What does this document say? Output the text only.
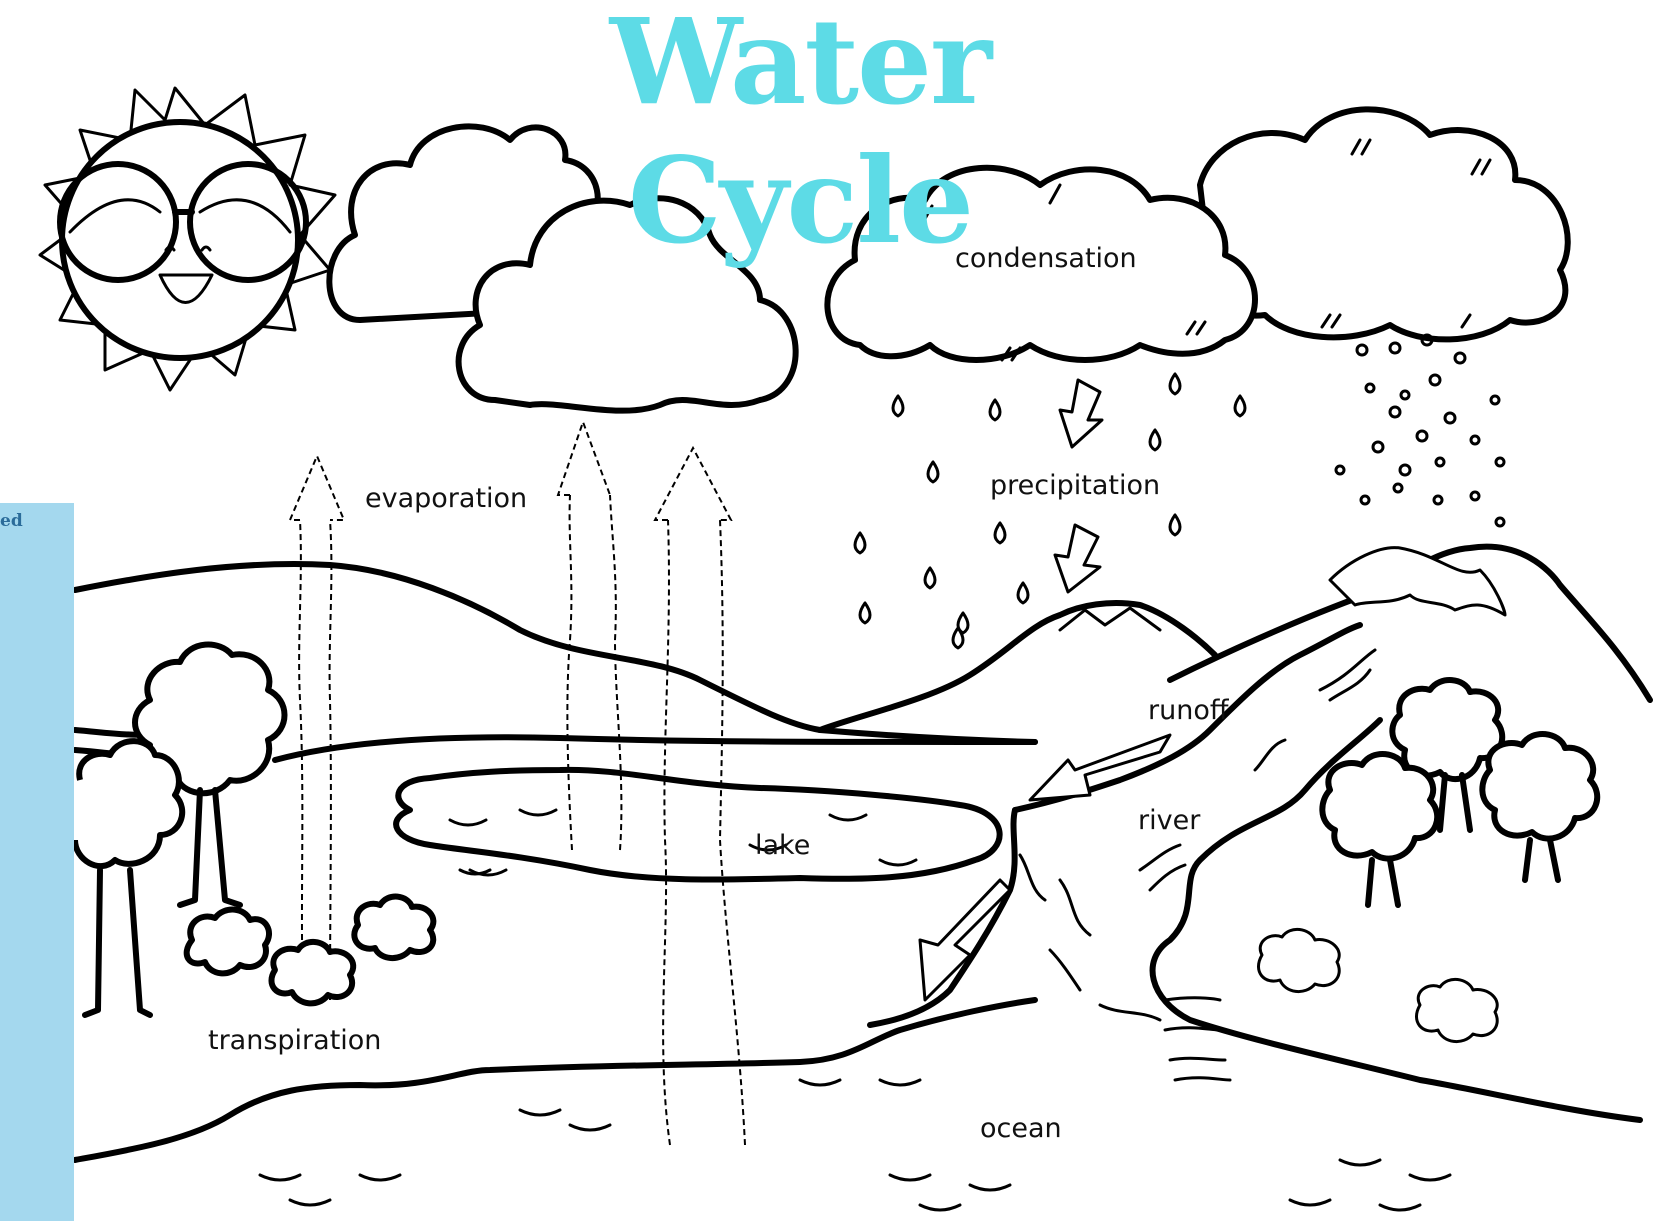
ed
Water Cycle
condensation
evaporation	precipitation
runoff
river
lake
transpiration
ocean
